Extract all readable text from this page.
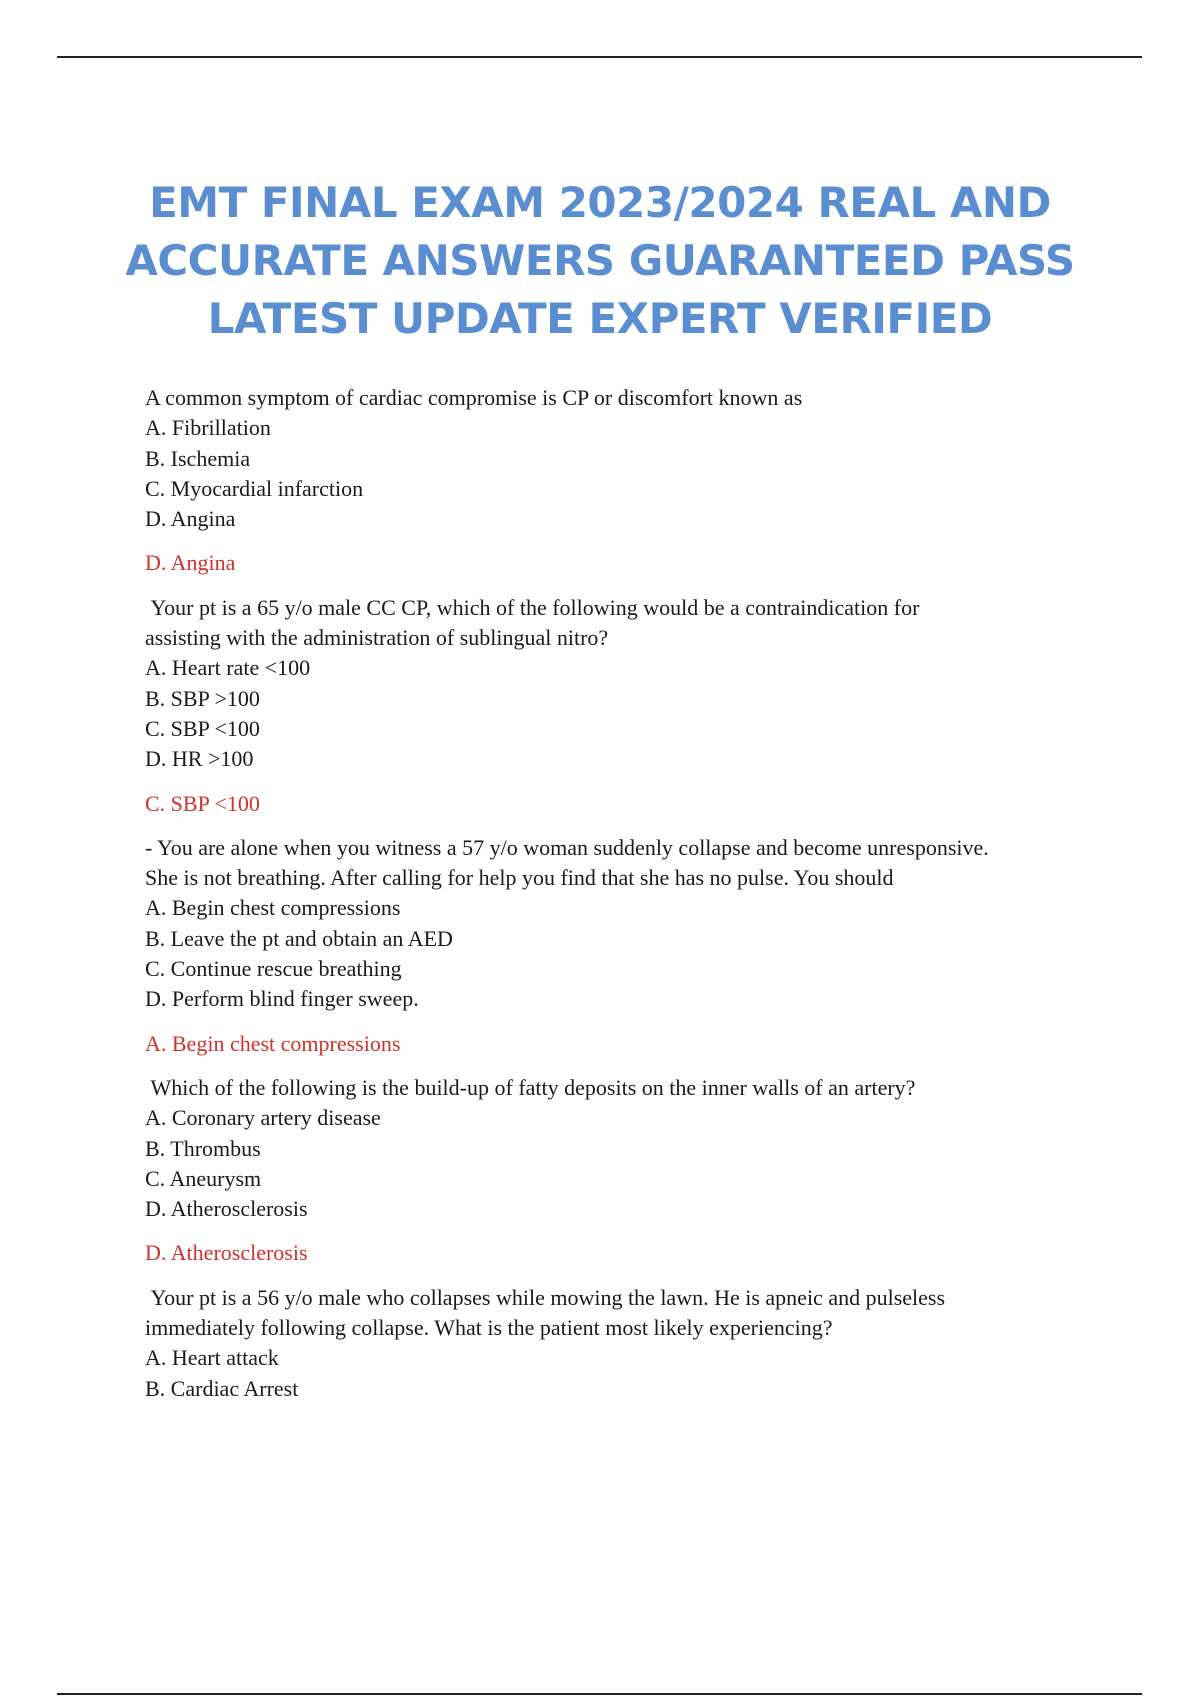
EMT FINAL EXAM 2023/2024 REAL AND
ACCURATE ANSWERS GUARANTEED PASS
LATEST UPDATE EXPERT VERIFIED
A common symptom of cardiac compromise is CP or discomfort known as
A. Fibrillation
B. Ischemia
C. Myocardial infarction
D. Angina
D. Angina
Your pt is a 65 y/o male CC CP, which of the following would be a contraindication for
assisting with the administration of sublingual nitro?
A. Heart rate <100
B. SBP >100
C. SBP <100
D. HR >100
C. SBP <100
- You are alone when you witness a 57 y/o woman suddenly collapse and become unresponsive.
She is not breathing. After calling for help you find that she has no pulse. You should
A. Begin chest compressions
B. Leave the pt and obtain an AED
C. Continue rescue breathing
D. Perform blind finger sweep.
A. Begin chest compressions
Which of the following is the build-up of fatty deposits on the inner walls of an artery?
A. Coronary artery disease
B. Thrombus
C. Aneurysm
D. Atherosclerosis
D. Atherosclerosis
Your pt is a 56 y/o male who collapses while mowing the lawn. He is apneic and pulseless
immediately following collapse. What is the patient most likely experiencing?
A. Heart attack
B. Cardiac Arrest
